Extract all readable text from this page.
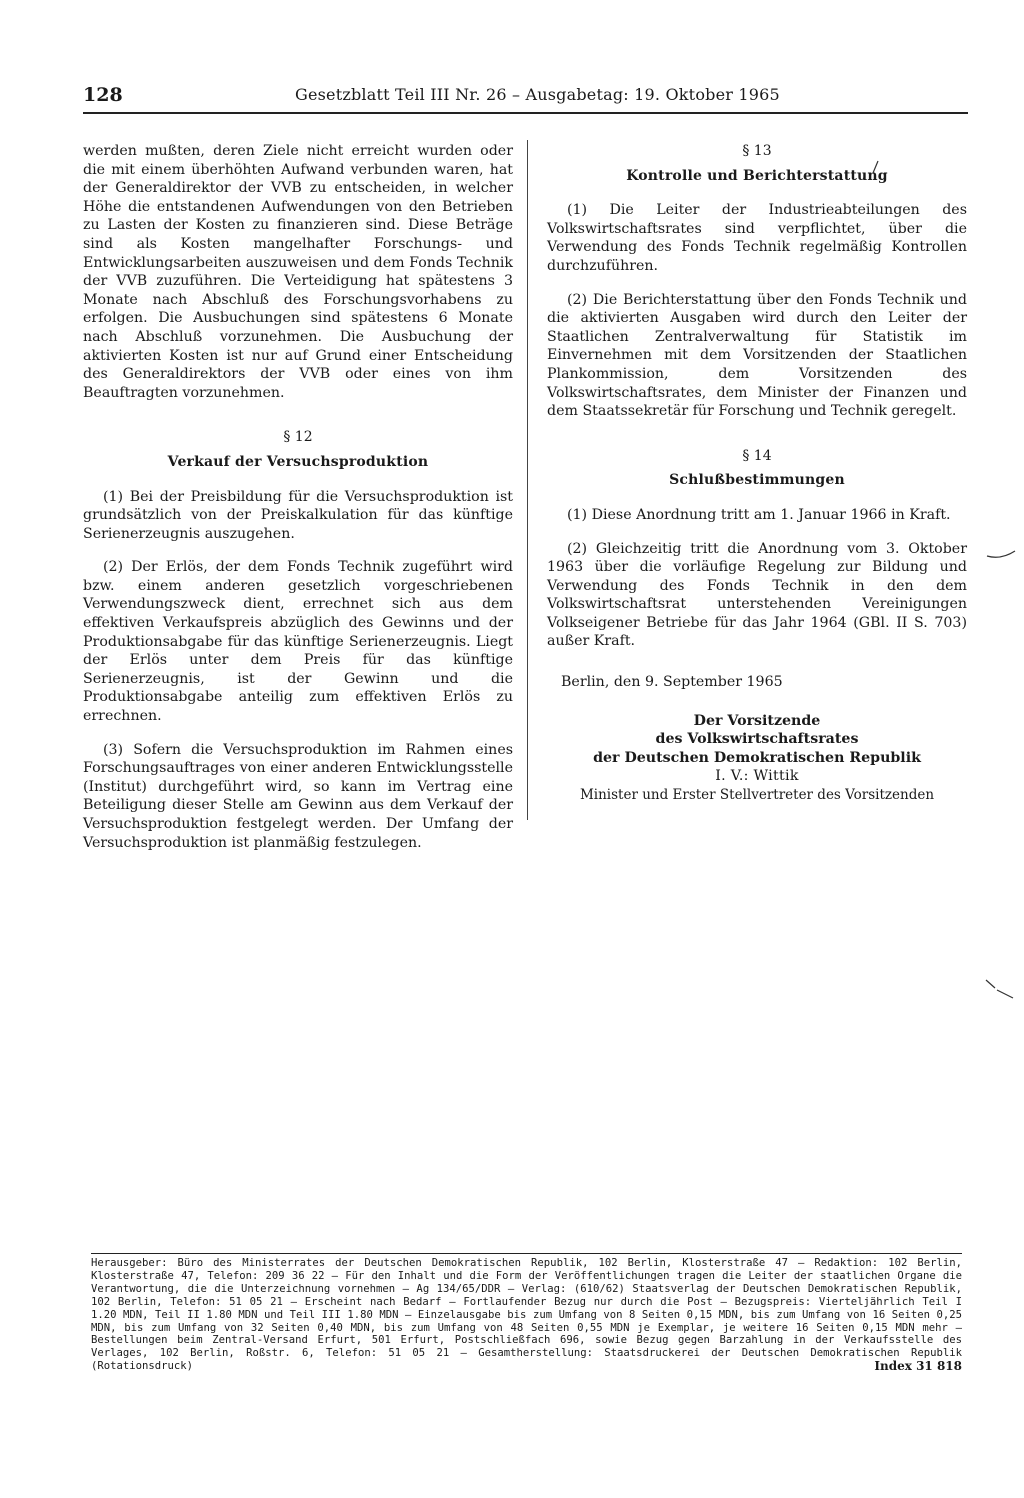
128	Gesetzblatt Teil III Nr. 26 – Ausgabetag: 19. Oktober 1965

werden mußten, deren Ziele nicht erreicht wurden oder die mit einem überhöhten Aufwand verbunden waren, hat der Generaldirektor der VVB zu entscheiden, in welcher Höhe die entstandenen Aufwendungen von den Betrieben zu Lasten der Kosten zu finanzieren sind. Diese Beträge sind als Kosten mangelhafter Forschungs- und Entwicklungsarbeiten auszuweisen und dem Fonds Technik der VVB zuzuführen. Die Verteidigung hat spätestens 3 Monate nach Abschluß des Forschungsvorhabens zu erfolgen. Die Ausbuchungen sind spätestens 6 Monate nach Abschluß vorzunehmen. Die Ausbuchung der aktivierten Kosten ist nur auf Grund einer Entscheidung des Generaldirektors der VVB oder eines von ihm Beauftragten vorzunehmen.

§ 12
Verkauf der Versuchsproduktion

(1) Bei der Preisbildung für die Versuchsproduktion ist grundsätzlich von der Preiskalkulation für das künftige Serienerzeugnis auszugehen.

(2) Der Erlös, der dem Fonds Technik zugeführt wird bzw. einem anderen gesetzlich vorgeschriebenen Verwendungszweck dient, errechnet sich aus dem effektiven Verkaufspreis abzüglich des Gewinns und der Produktionsabgabe für das künftige Serienerzeugnis. Liegt der Erlös unter dem Preis für das künftige Serienerzeugnis, ist der Gewinn und die Produktionsabgabe anteilig zum effektiven Erlös zu errechnen.

(3) Sofern die Versuchsproduktion im Rahmen eines Forschungsauftrages von einer anderen Entwicklungsstelle (Institut) durchgeführt wird, so kann im Vertrag eine Beteiligung dieser Stelle am Gewinn aus dem Verkauf der Versuchsproduktion festgelegt werden. Der Umfang der Versuchsproduktion ist planmäßig festzulegen.

§ 13
Kontrolle und Berichterstattung

(1) Die Leiter der Industrieabteilungen des Volkswirtschaftsrates sind verpflichtet, über die Verwendung des Fonds Technik regelmäßig Kontrollen durchzuführen.

(2) Die Berichterstattung über den Fonds Technik und die aktivierten Ausgaben wird durch den Leiter der Staatlichen Zentralverwaltung für Statistik im Einvernehmen mit dem Vorsitzenden der Staatlichen Plankommission, dem Vorsitzenden des Volkswirtschaftsrates, dem Minister der Finanzen und dem Staatssekretär für Forschung und Technik geregelt.

§ 14
Schlußbestimmungen

(1) Diese Anordnung tritt am 1. Januar 1966 in Kraft.

(2) Gleichzeitig tritt die Anordnung vom 3. Oktober 1963 über die vorläufige Regelung zur Bildung und Verwendung des Fonds Technik in den dem Volkswirtschaftsrat unterstehenden Vereinigungen Volkseigener Betriebe für das Jahr 1964 (GBl. II S. 703) außer Kraft.

Berlin, den 9. September 1965

Der Vorsitzende
des Volkswirtschaftsrates
der Deutschen Demokratischen Republik
I. V.: Wittik
Minister und Erster Stellvertreter des Vorsitzenden
Herausgeber: Büro des Ministerrates der Deutschen Demokratischen Republik, 102 Berlin, Klosterstraße 47 – Redaktion: 102 Berlin, Klosterstraße 47, Telefon: 209 36 22 – Für den Inhalt und die Form der Veröffentlichungen tragen die Leiter der staatlichen Organe die Verantwortung, die die Unterzeichnung vornehmen – Ag 134/65/DDR – Verlag: (610/62) Staatsverlag der Deutschen Demokratischen Republik, 102 Berlin, Telefon: 51 05 21 – Erscheint nach Bedarf – Fortlaufender Bezug nur durch die Post – Bezugspreis: Vierteljährlich Teil I 1.20 MDN, Teil II 1.80 MDN und Teil III 1.80 MDN – Einzelausgabe bis zum Umfang von 8 Seiten 0,15 MDN, bis zum Umfang von 16 Seiten 0,25 MDN, bis zum Umfang von 32 Seiten 0,40 MDN, bis zum Umfang von 48 Seiten 0,55 MDN je Exemplar, je weitere 16 Seiten 0,15 MDN mehr – Bestellungen beim Zentral-Versand Erfurt, 501 Erfurt, Postschließfach 696, sowie Bezug gegen Barzahlung in der Verkaufsstelle des Verlages, 102 Berlin, Roßstr. 6, Telefon: 51 05 21 – Gesamtherstellung: Staatsdruckerei der Deutschen Demokratischen Republik (Rotationsdruck)	Index 31 818
